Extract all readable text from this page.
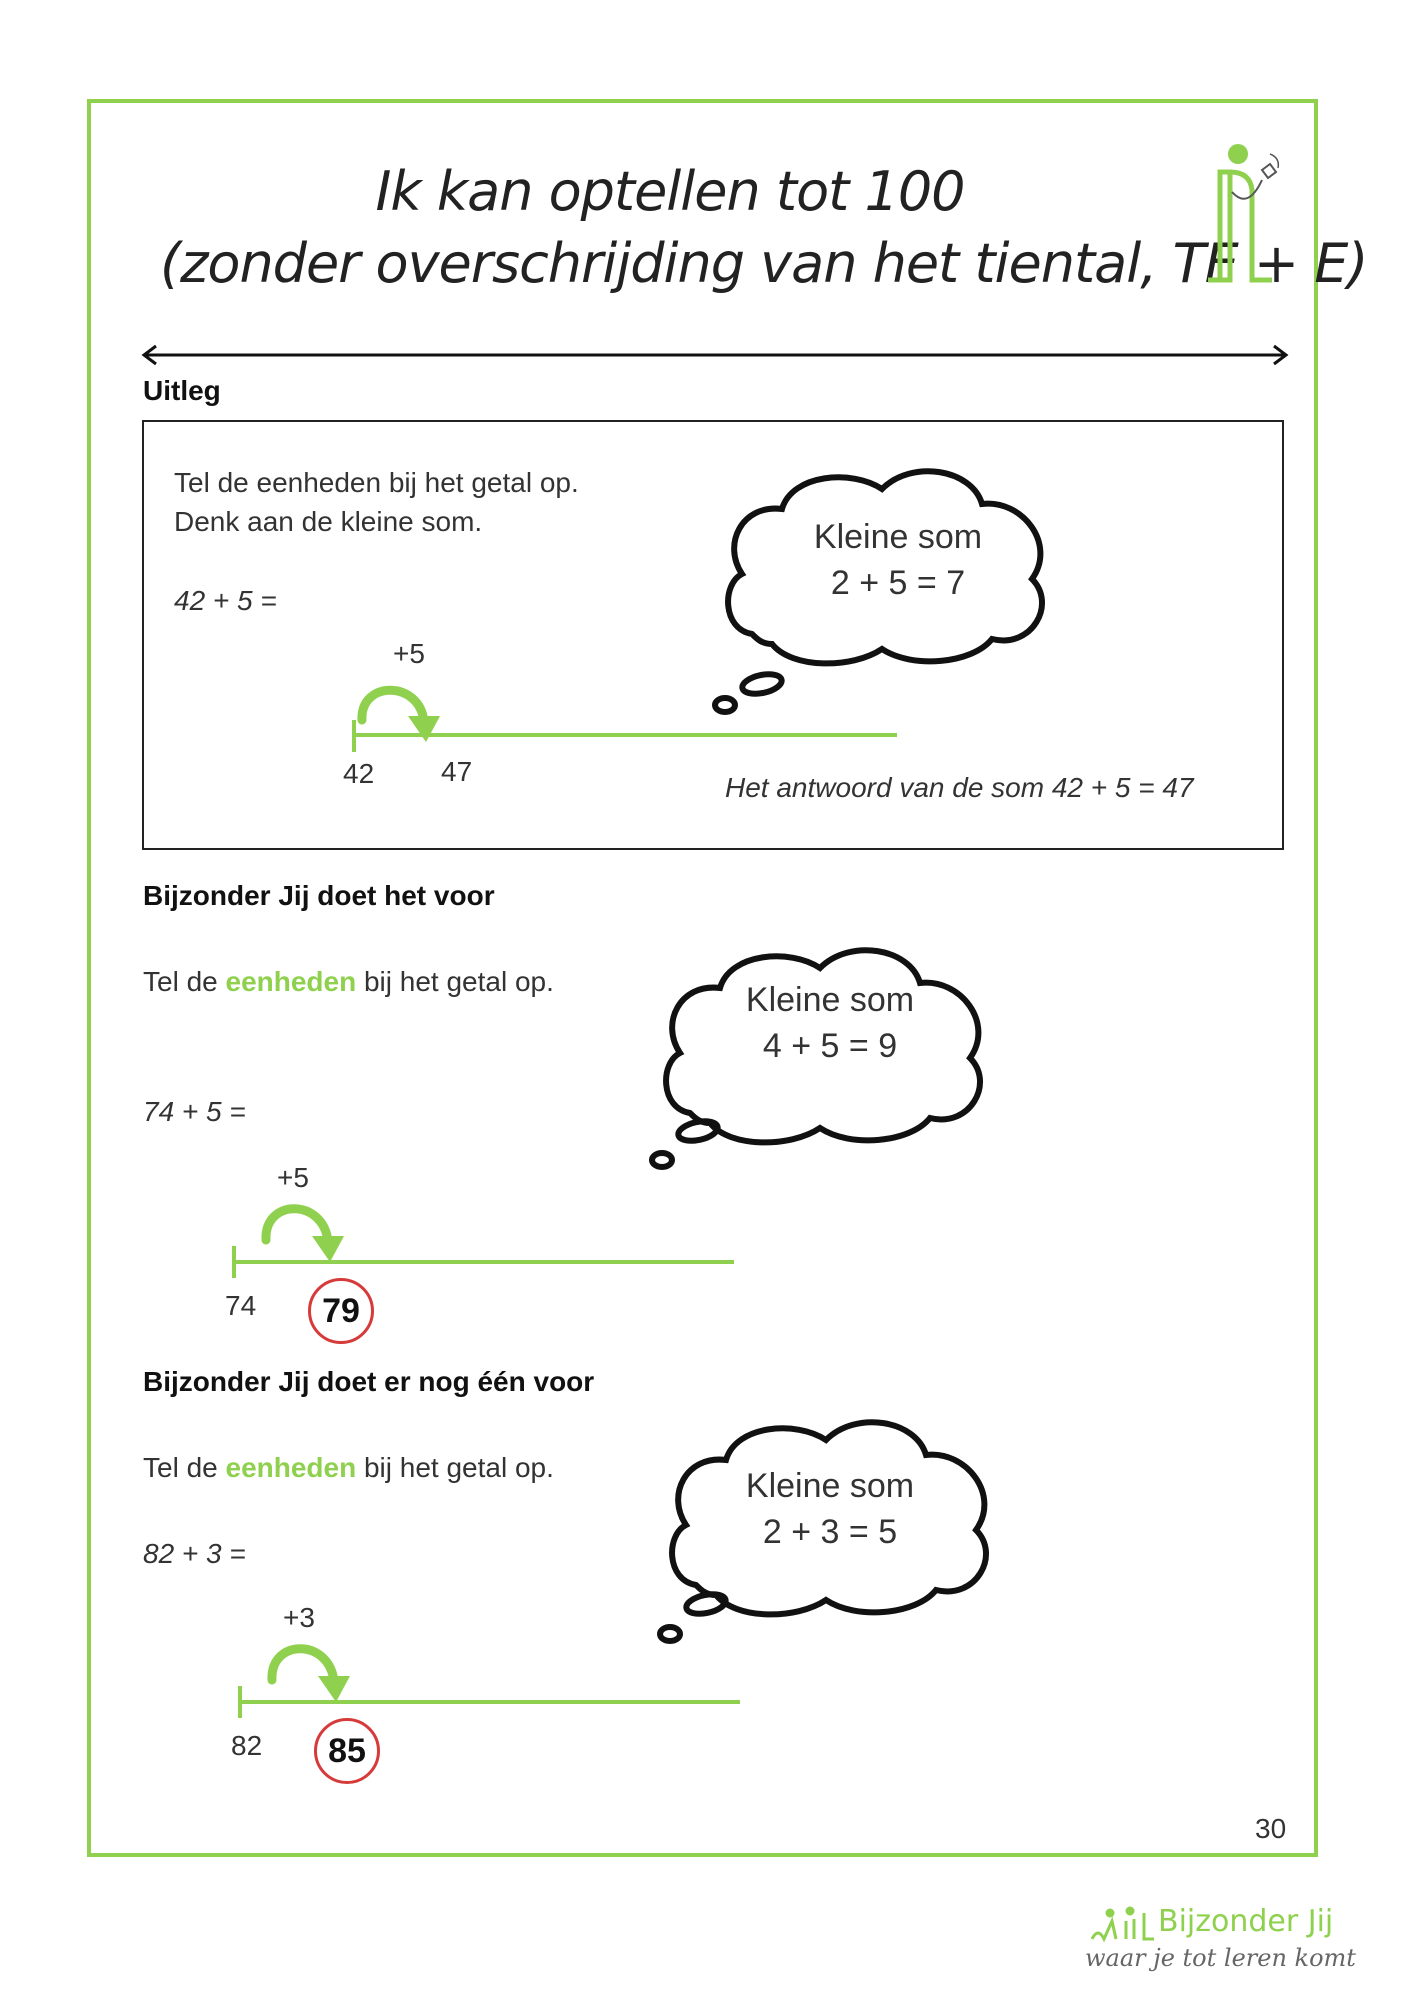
Ik kan optellen tot 100
(zonder overschrijding van het tiental, TE + E)
Uitleg
Tel de eenheden bij het getal op.
Denk aan de kleine som.
42 + 5 =
+5
42 47
Kleine som
2 + 5 = 7
Het antwoord van de som 42 + 5 = 47
Bijzonder Jij doet het voor
Tel de eenheden bij het getal op.
74 + 5 =
+5
74	79
Kleine som
4 + 5 = 9
Bijzonder Jij doet er nog één voor
Tel de eenheden bij het getal op.
82 + 3 =
+3
82	85
Kleine som
2 + 3 = 5
30
Bijzonder Jij
waar je tot leren komt
